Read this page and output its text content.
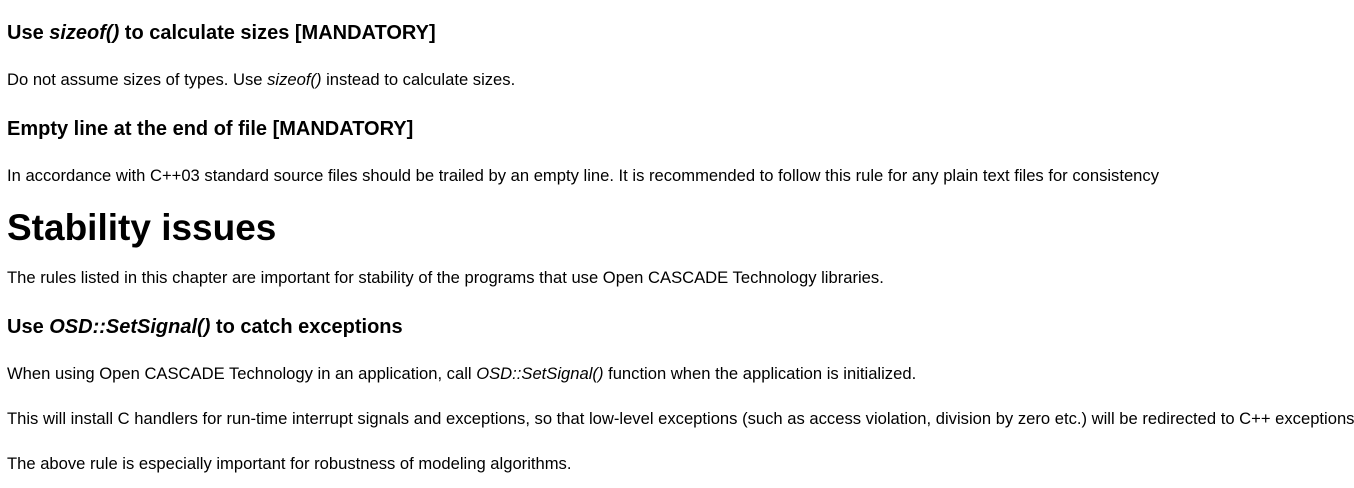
Use sizeof() to calculate sizes [MANDATORY]

Do not assume sizes of types. Use sizeof() instead to calculate sizes.

Empty line at the end of file [MANDATORY]

In accordance with C++03 standard source files should be trailed by an empty line. It is recommended to follow this rule for any plain text files for consistency

Stability issues

The rules listed in this chapter are important for stability of the programs that use Open CASCADE Technology libraries.

Use OSD::SetSignal() to catch exceptions

When using Open CASCADE Technology in an application, call OSD::SetSignal() function when the application is initialized.

This will install C handlers for run-time interrupt signals and exceptions, so that low-level exceptions (such as access violation, division by zero etc.) will be redirected to C++ exceptions

The above rule is especially important for robustness of modeling algorithms.
